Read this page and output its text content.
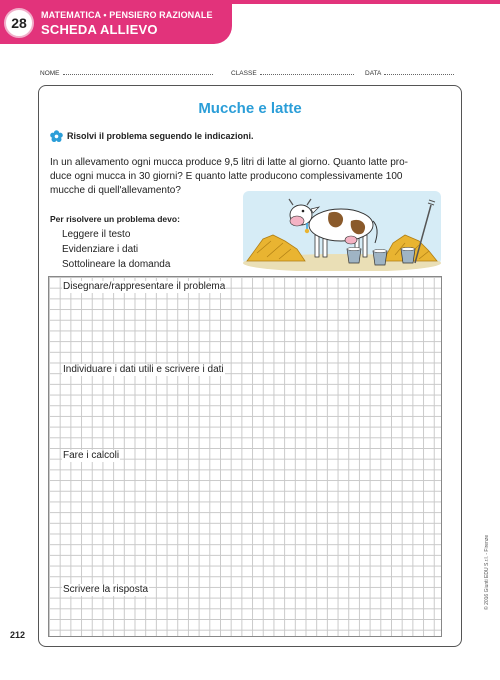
28 MATEMATICA • PENSIERO RAZIONALE
SCHEDA ALLIEVO
NOME	CLASSE	DATA
Mucche e latte
Risolvi il problema seguendo le indicazioni.
In un allevamento ogni mucca produce 9,5 litri di latte al giorno. Quanto latte pro-
duce ogni mucca in 30 giorni? E quanto latte producono complessivamente 100
mucche di quell'allevamento?
Per risolvere un problema devo:
Leggere il testo
Evidenziare i dati
Sottolineare la domanda
Disegnare/rappresentare il problema
Individuare i dati utili e scrivere i dati
Fare i calcoli
Scrivere la risposta
212
© 2016 Giunti EDU S.r.l. - Firenze
